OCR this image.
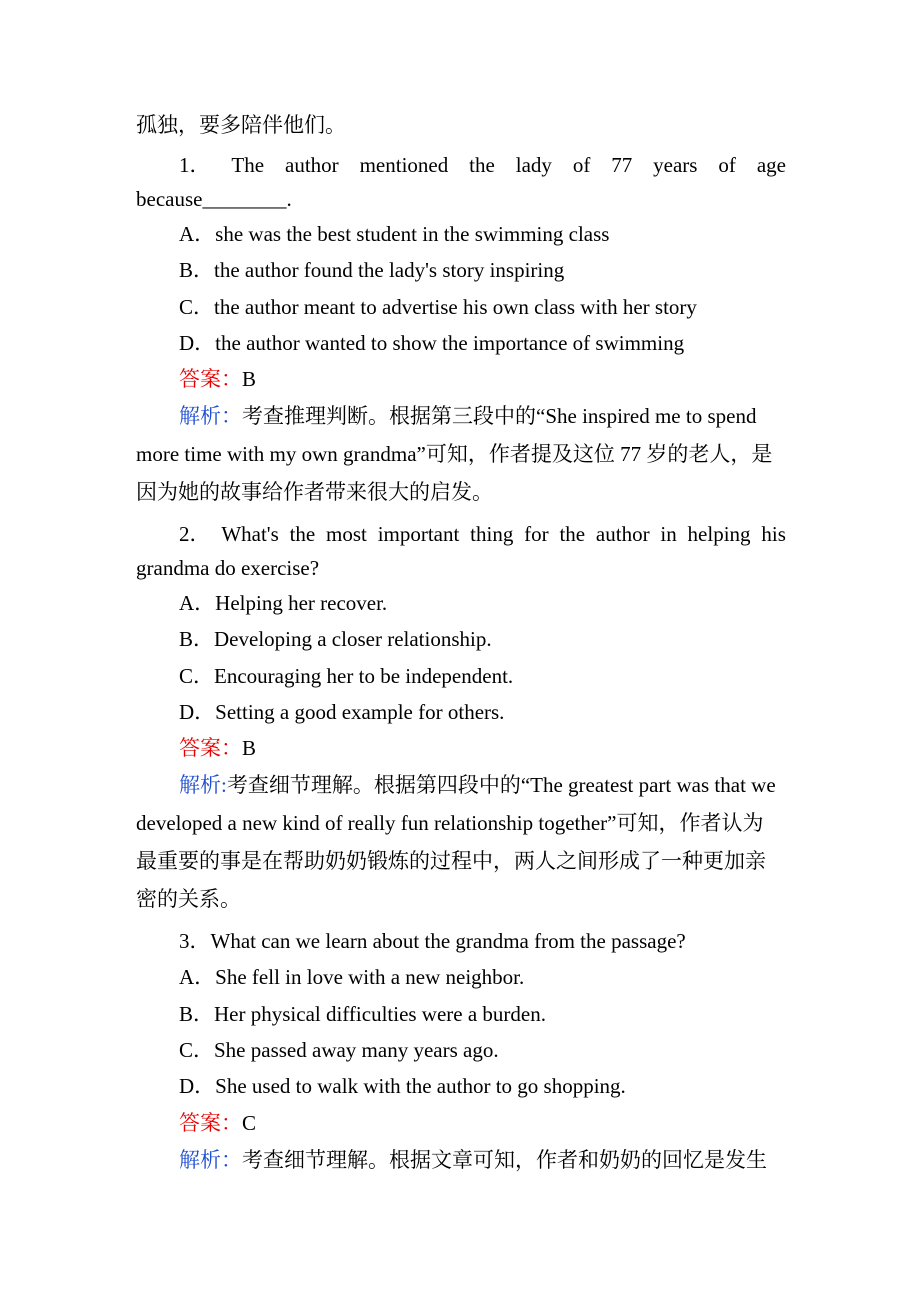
孤独，要多陪伴他们。
1． The author mentioned the lady of 77 years of age
because________.
A．she was the best student in the swimming class
B．the author found the lady's story inspiring
C．the author meant to advertise his own class with her story
D．the author wanted to show the importance of swimming
答案：B
解析：考查推理判断。根据第三段中的“She inspired me to spend
more time with my own grandma”可知，作者提及这位 77 岁的老人，是
因为她的故事给作者带来很大的启发。
2． What's the most important thing for the author in helping his
grandma do exercise?
A．Helping her recover.
B．Developing a closer relationship.
C．Encouraging her to be independent.
D．Setting a good example for others.
答案：B
解析:考查细节理解。根据第四段中的“The greatest part was that we
developed a new kind of really fun relationship together”可知，作者认为
最重要的事是在帮助奶奶锻炼的过程中，两人之间形成了一种更加亲
密的关系。
3．What can we learn about the grandma from the passage?
A．She fell in love with a new neighbor.
B．Her physical difficulties were a burden.
C．She passed away many years ago.
D．She used to walk with the author to go shopping.
答案：C
解析：考查细节理解。根据文章可知，作者和奶奶的回忆是发生
